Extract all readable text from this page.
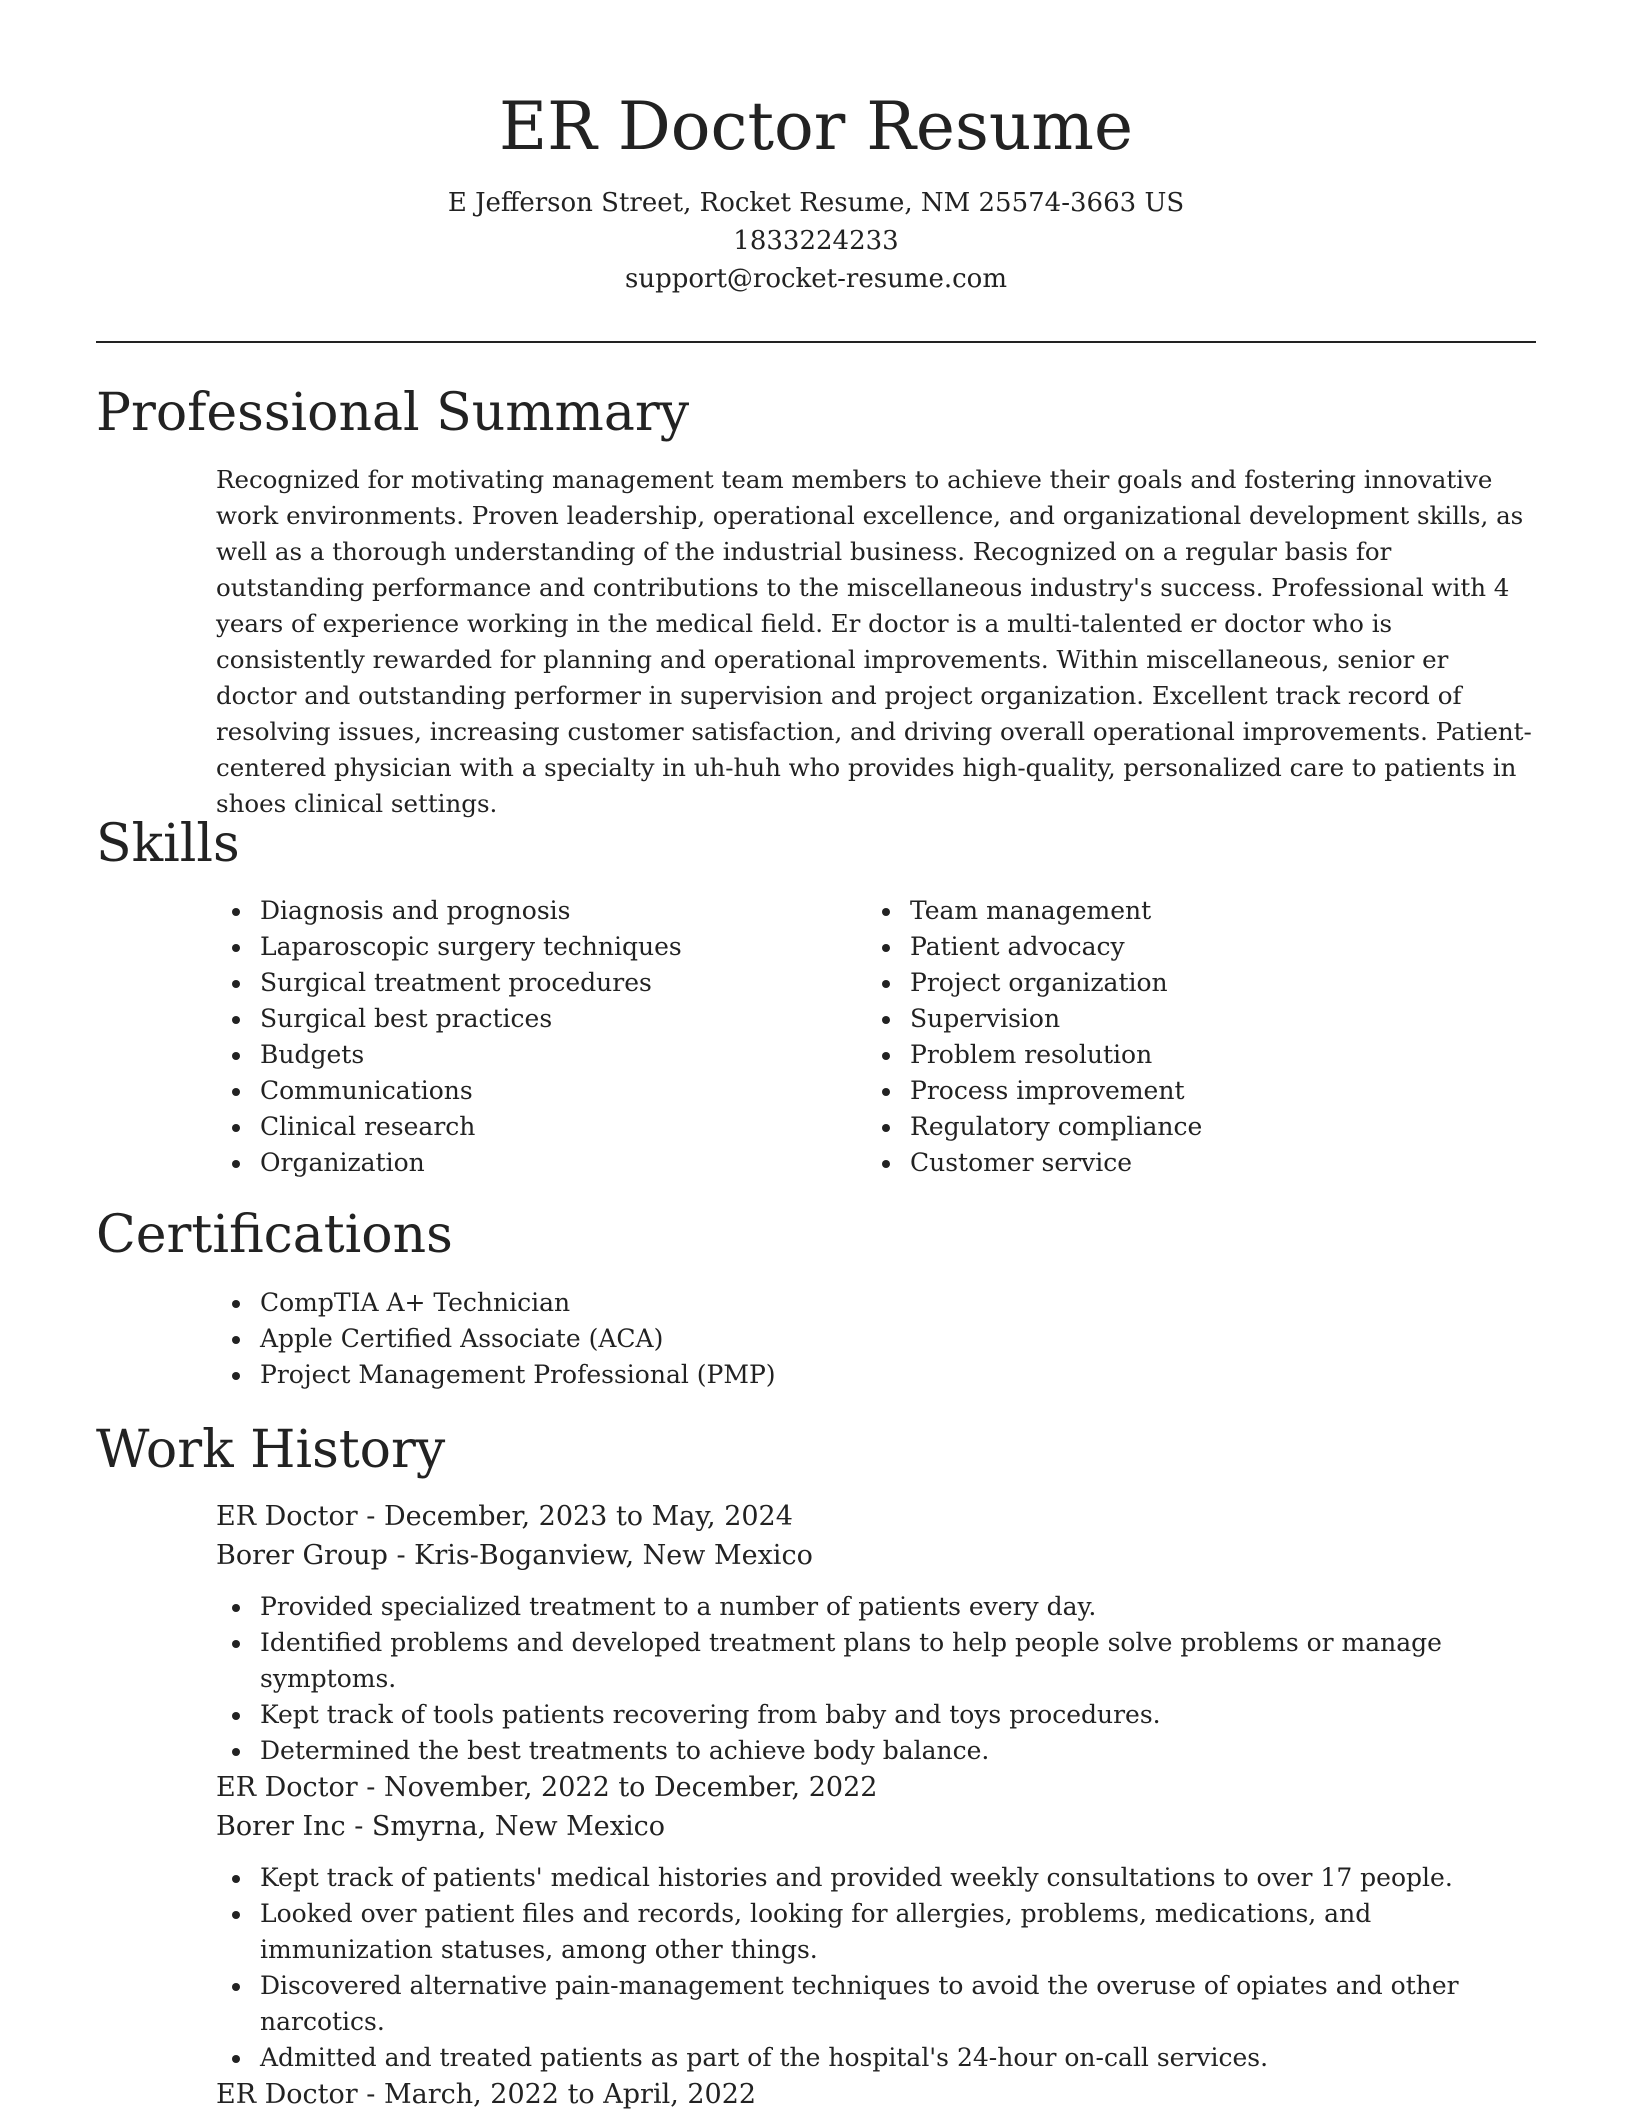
ER Doctor Resume
E Jefferson Street, Rocket Resume, NM 25574-3663 US
1833224233
support@rocket-resume.com
Professional Summary

Recognized for motivating management team members to achieve their goals and fostering innovative work environments. Proven leadership, operational excellence, and organizational development skills, as well as a thorough understanding of the industrial business. Recognized on a regular basis for outstanding performance and contributions to the miscellaneous industry's success. Professional with 4 years of experience working in the medical field. Er doctor is a multi-talented er doctor who is consistently rewarded for planning and operational improvements. Within miscellaneous, senior er doctor and outstanding performer in supervision and project organization. Excellent track record of resolving issues, increasing customer satisfaction, and driving overall operational improvements. Patient-centered physician with a specialty in uh-huh who provides high-quality, personalized care to patients in shoes clinical settings.

Skills
Diagnosis and prognosis
Laparoscopic surgery techniques
Surgical treatment procedures
Surgical best practices
Budgets
Communications
Clinical research
Organization
Team management
Patient advocacy
Project organization
Supervision
Problem resolution
Process improvement
Regulatory compliance
Customer service
Certifications
CompTIA A+ Technician
Apple Certified Associate (ACA)
Project Management Professional (PMP)
Work History
ER Doctor - December, 2023 to May, 2024
Borer Group - Kris-Boganview, New Mexico
Provided specialized treatment to a number of patients every day.
Identified problems and developed treatment plans to help people solve problems or manage symptoms.
Kept track of tools patients recovering from baby and toys procedures.
Determined the best treatments to achieve body balance.
ER Doctor - November, 2022 to December, 2022
Borer Inc - Smyrna, New Mexico
Kept track of patients' medical histories and provided weekly consultations to over 17 people.
Looked over patient files and records, looking for allergies, problems, medications, and immunization statuses, among other things.
Discovered alternative pain-management techniques to avoid the overuse of opiates and other narcotics.
Admitted and treated patients as part of the hospital's 24-hour on-call services.
ER Doctor - March, 2022 to April, 2022
